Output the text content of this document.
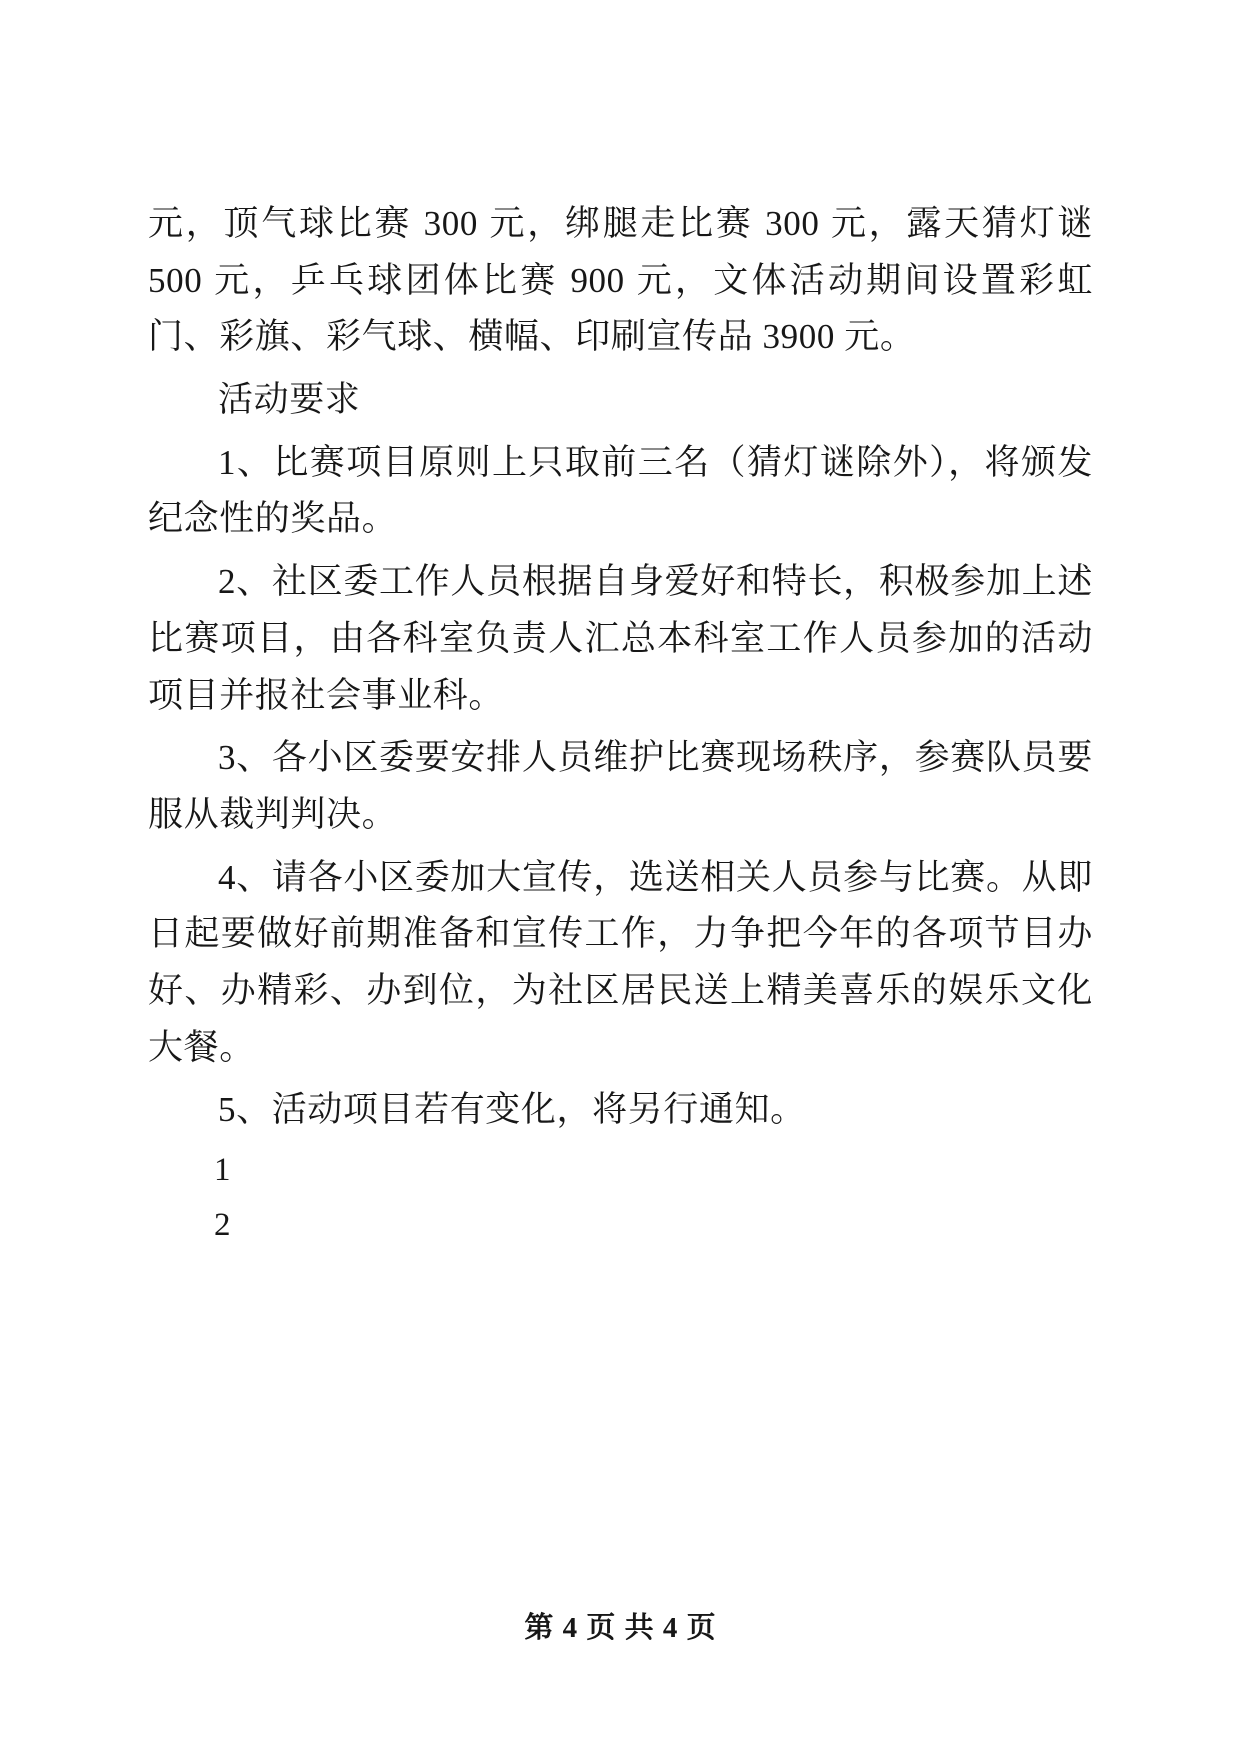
元，顶气球比赛 300 元，绑腿走比赛 300 元，露天猜灯谜 500 元，乒乓球团体比赛 900 元，文体活动期间设置彩虹门、彩旗、彩气球、横幅、印刷宣传品 3900 元。

活动要求

1、比赛项目原则上只取前三名（猜灯谜除外），将颁发纪念性的奖品。

2、社区委工作人员根据自身爱好和特长，积极参加上述比赛项目，由各科室负责人汇总本科室工作人员参加的活动项目并报社会事业科。

3、各小区委要安排人员维护比赛现场秩序，参赛队员要服从裁判判决。

4、请各小区委加大宣传，选送相关人员参与比赛。从即日起要做好前期准备和宣传工作，力争把今年的各项节目办好、办精彩、办到位，为社区居民送上精美喜乐的娱乐文化大餐。

5、活动项目若有变化，将另行通知。

1

2

第 4 页 共 4 页
